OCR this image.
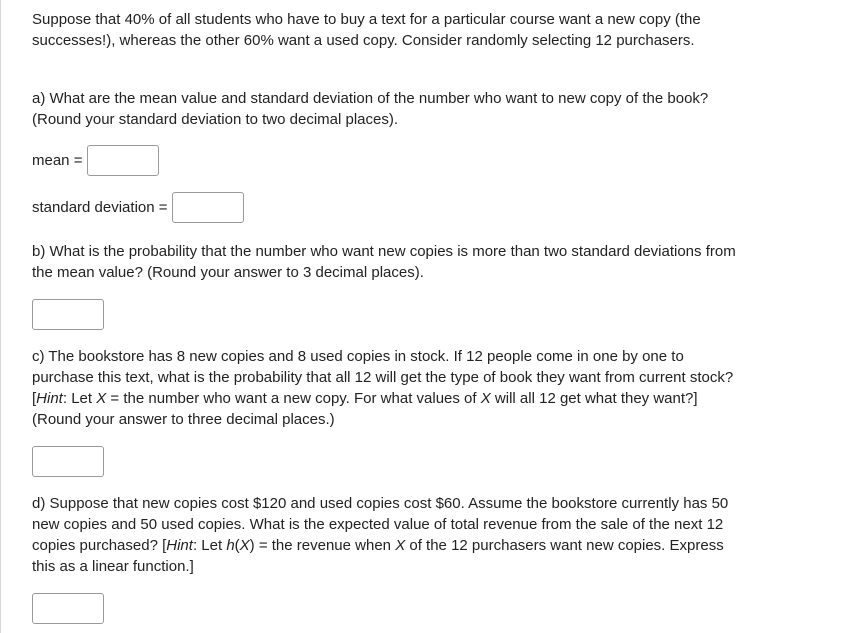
Suppose that 40% of all students who have to buy a text for a particular course want a new copy (the successes!), whereas the other 60% want a used copy. Consider randomly selecting 12 purchasers.

a) What are the mean value and standard deviation of the number who want to new copy of the book? (Round your standard deviation to two decimal places).

mean =
standard deviation =

b) What is the probability that the number who want new copies is more than two standard deviations from the mean value? (Round your answer to 3 decimal places).

c) The bookstore has 8 new copies and 8 used copies in stock. If 12 people come in one by one to purchase this text, what is the probability that all 12 will get the type of book they want from current stock? [Hint: Let X = the number who want a new copy. For what values of X will all 12 get what they want?] (Round your answer to three decimal places.)

d) Suppose that new copies cost $120 and used copies cost $60. Assume the bookstore currently has 50 new copies and 50 used copies. What is the expected value of total revenue from the sale of the next 12 copies purchased? [Hint: Let h(X) = the revenue when X of the 12 purchasers want new copies. Express this as a linear function.]
